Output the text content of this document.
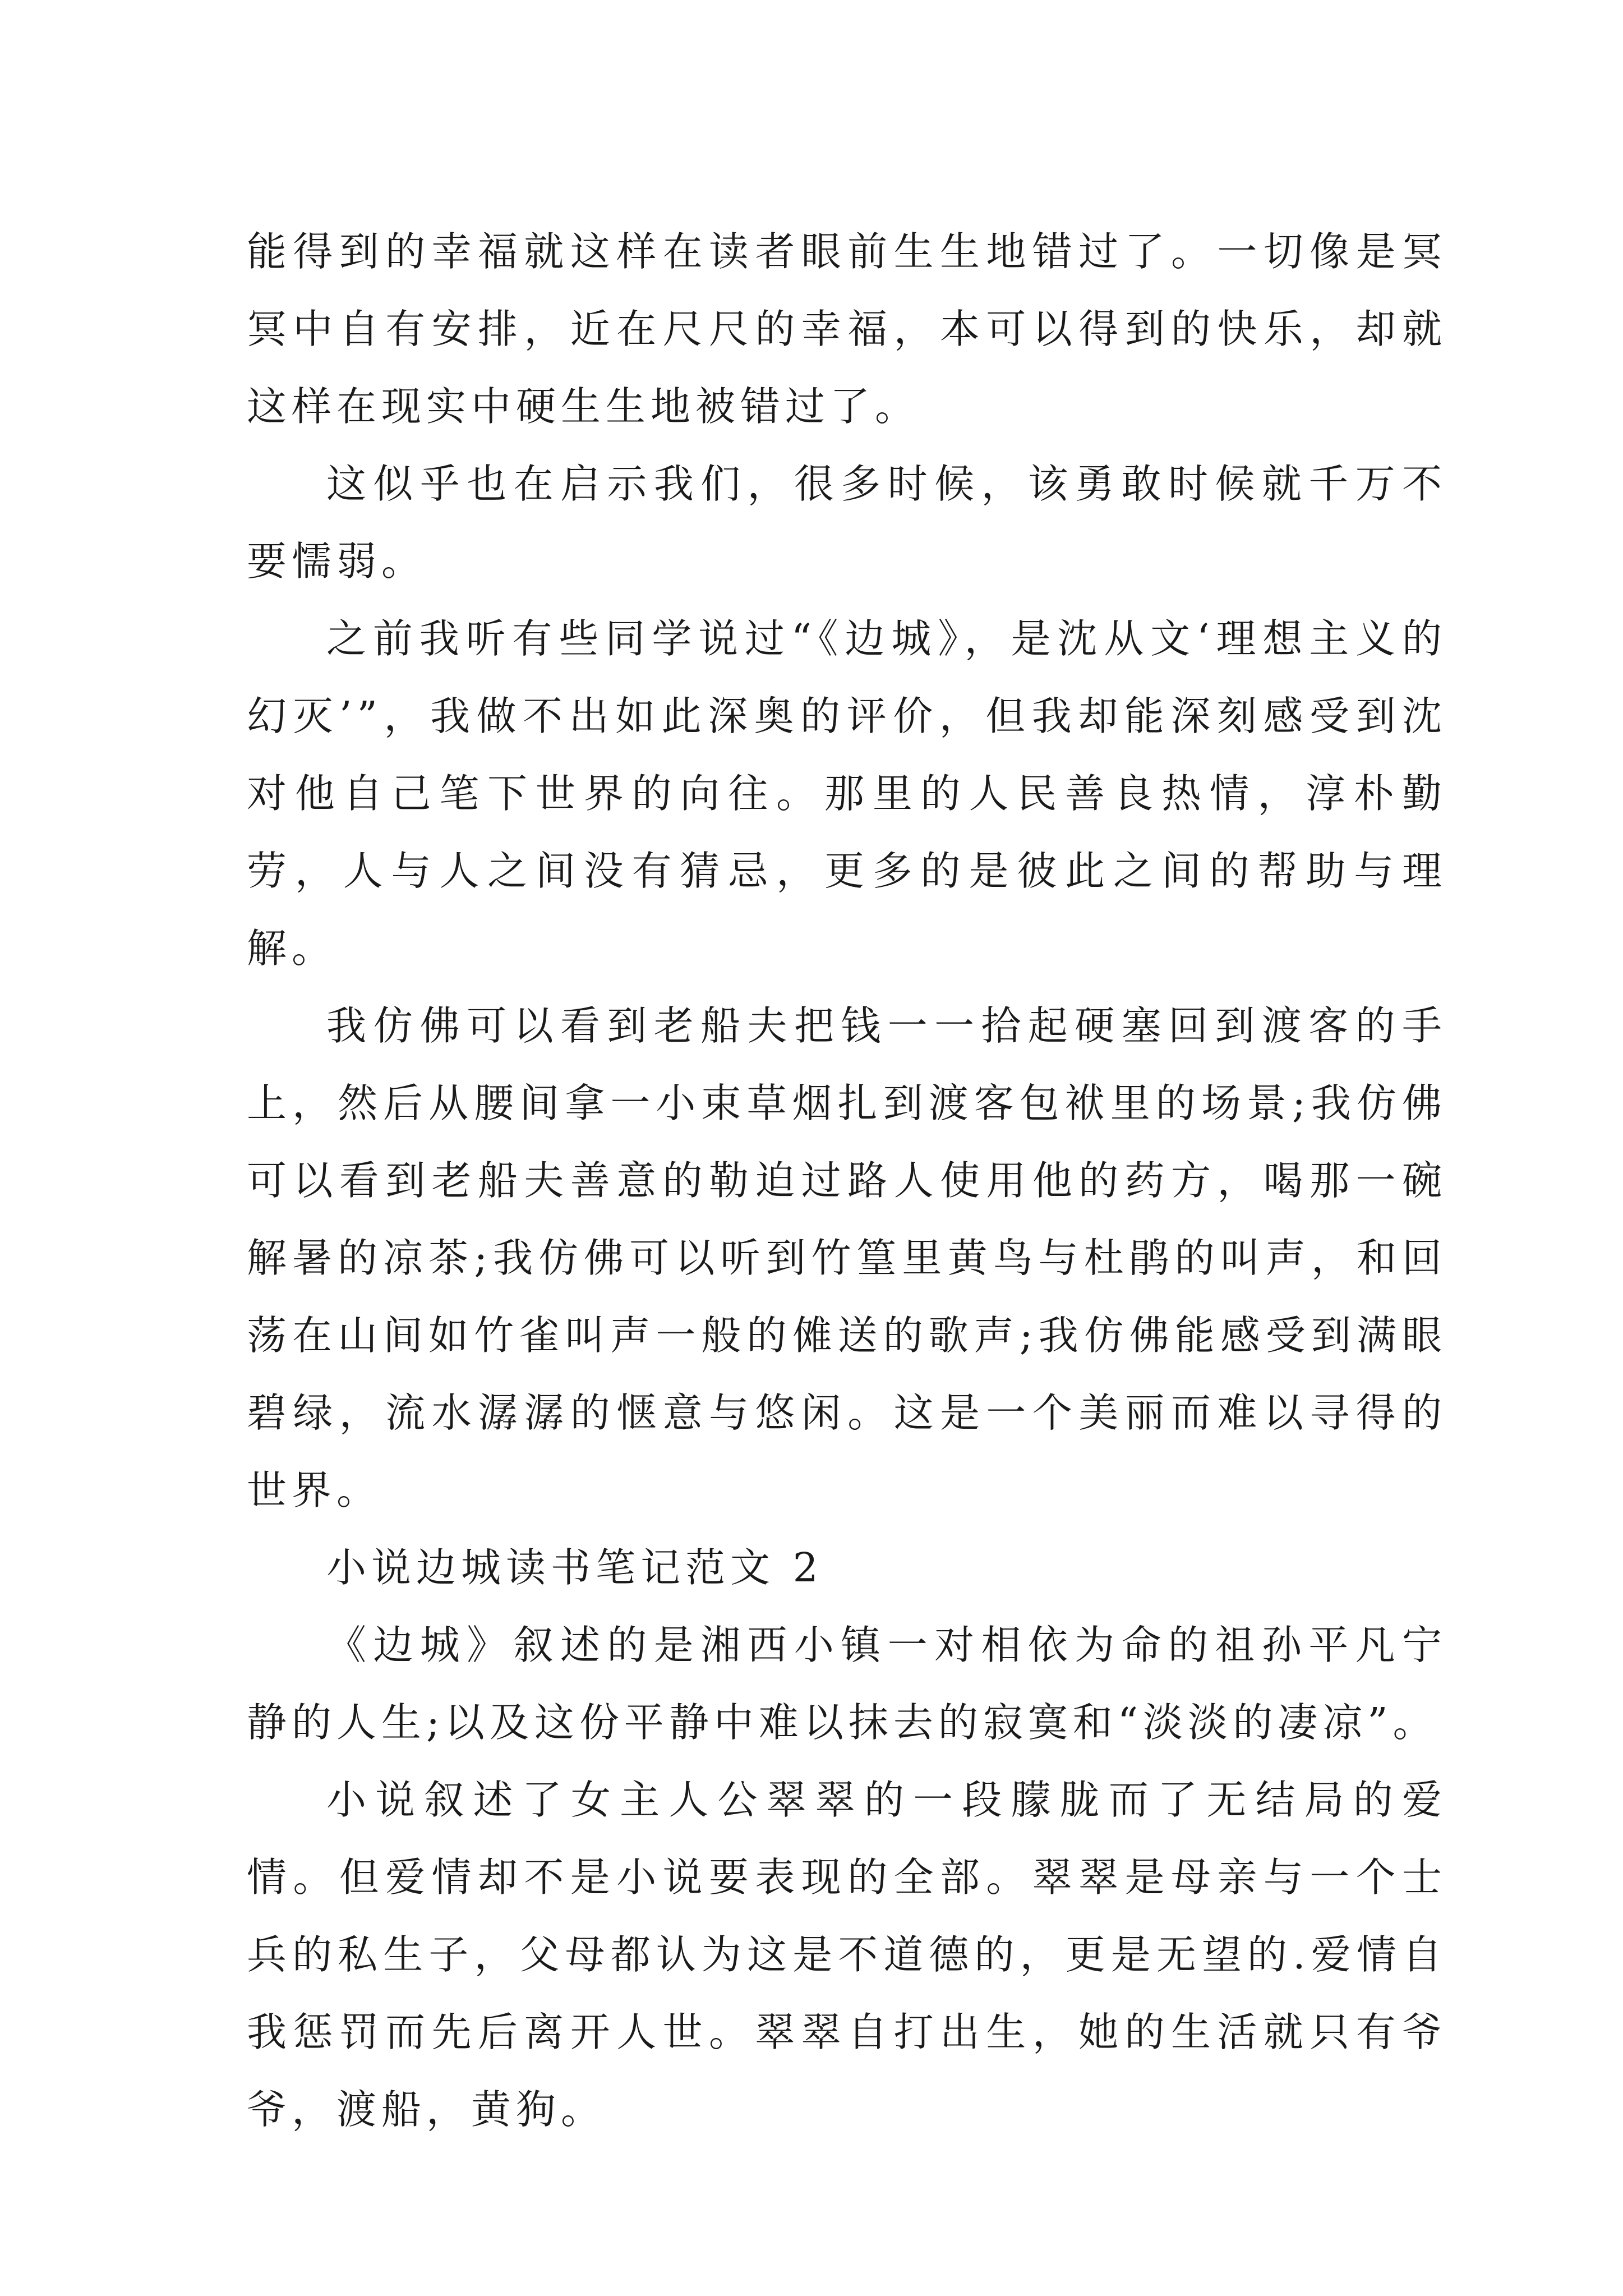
能得到的幸福就这样在读者眼前生生地错过了。一切像是冥冥中自有安排，近在尺尺的幸福，本可以得到的快乐，却就这样在现实中硬生生地被错过了。

这似乎也在启示我们，很多时候，该勇敢时候就千万不要懦弱。

之前我听有些同学说过“《边城》，是沈从文‘理想主义的幻灭’”，我做不出如此深奥的评价，但我却能深刻感受到沈对他自己笔下世界的向往。那里的人民善良热情，淳朴勤劳，人与人之间没有猜忌，更多的是彼此之间的帮助与理解。

我仿佛可以看到老船夫把钱一一拾起硬塞回到渡客的手上，然后从腰间拿一小束草烟扎到渡客包袱里的场景;我仿佛可以看到老船夫善意的勒迫过路人使用他的药方，喝那一碗解暑的凉茶;我仿佛可以听到竹篁里黄鸟与杜鹃的叫声，和回荡在山间如竹雀叫声一般的傩送的歌声;我仿佛能感受到满眼碧绿，流水潺潺的惬意与悠闲。这是一个美丽而难以寻得的世界。

小说边城读书笔记范文 2

《边城》叙述的是湘西小镇一对相依为命的祖孙平凡宁静的人生;以及这份平静中难以抹去的寂寞和“淡淡的凄凉”。

小说叙述了女主人公翠翠的一段朦胧而了无结局的爱情。但爱情却不是小说要表现的全部。翠翠是母亲与一个士兵的私生子，父母都认为这是不道德的，更是无望的.爱情自我惩罚而先后离开人世。翠翠自打出生，她的生活就只有爷爷，渡船，黄狗。
